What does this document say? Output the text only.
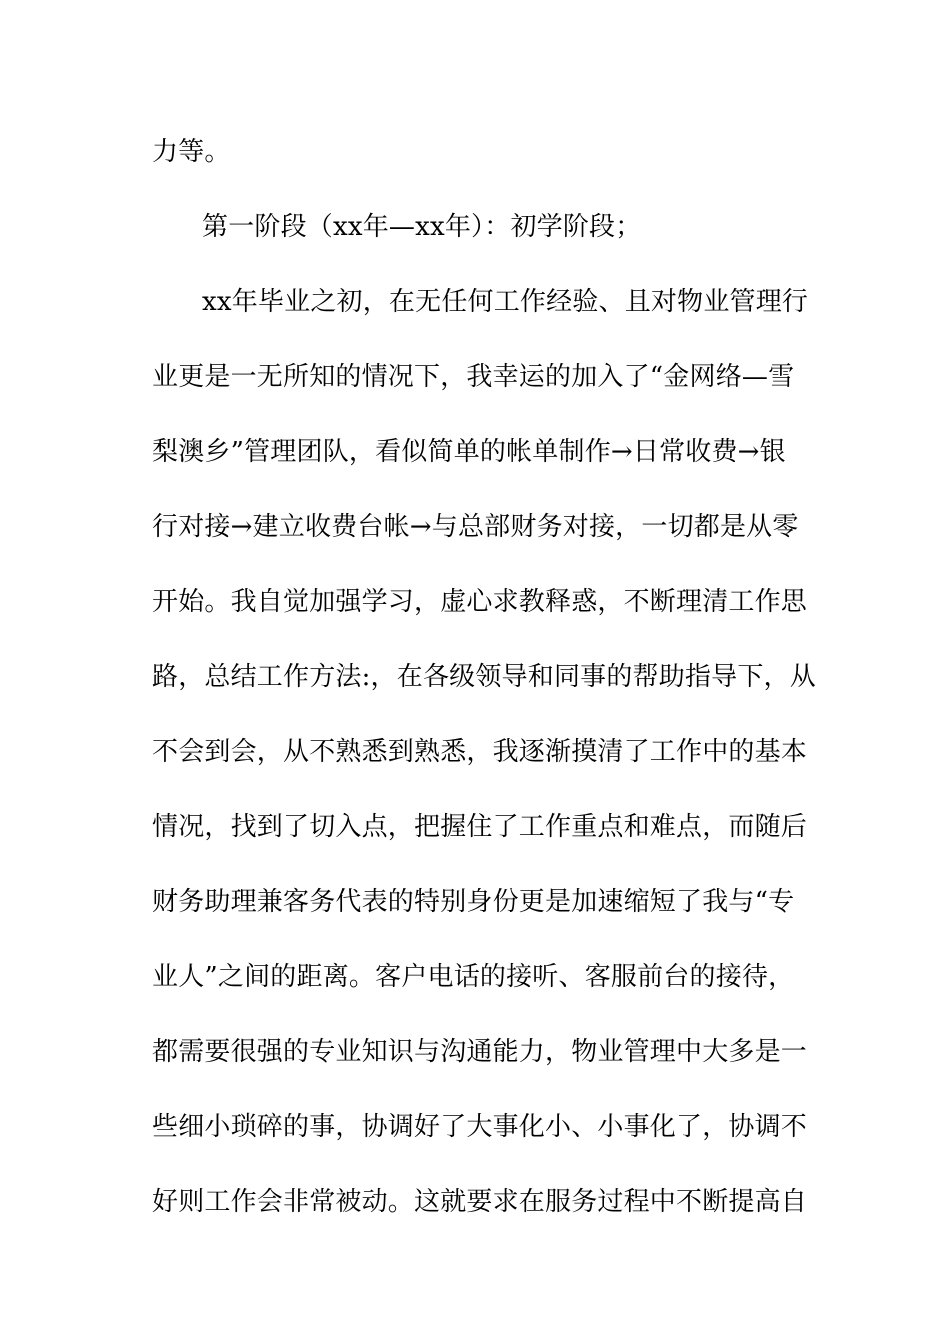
力等。
第一阶段（xx年—xx年）：初学阶段；
xx年毕业之初，在无任何工作经验、且对物业管理行
业更是一无所知的情况下，我幸运的加入了“金网络—雪
梨澳乡”管理团队，看似简单的帐单制作→日常收费→银
行对接→建立收费台帐→与总部财务对接，一切都是从零
开始。我自觉加强学习，虚心求教释惑，不断理清工作思
路，总结工作方法:，在各级领导和同事的帮助指导下，从
不会到会，从不熟悉到熟悉，我逐渐摸清了工作中的基本
情况，找到了切入点，把握住了工作重点和难点，而随后
财务助理兼客务代表的特别身份更是加速缩短了我与“专
业人”之间的距离。客户电话的接听、客服前台的接待，
都需要很强的专业知识与沟通能力，物业管理中大多是一
些细小琐碎的事，协调好了大事化小、小事化了，协调不
好则工作会非常被动。这就要求在服务过程中不断提高自
